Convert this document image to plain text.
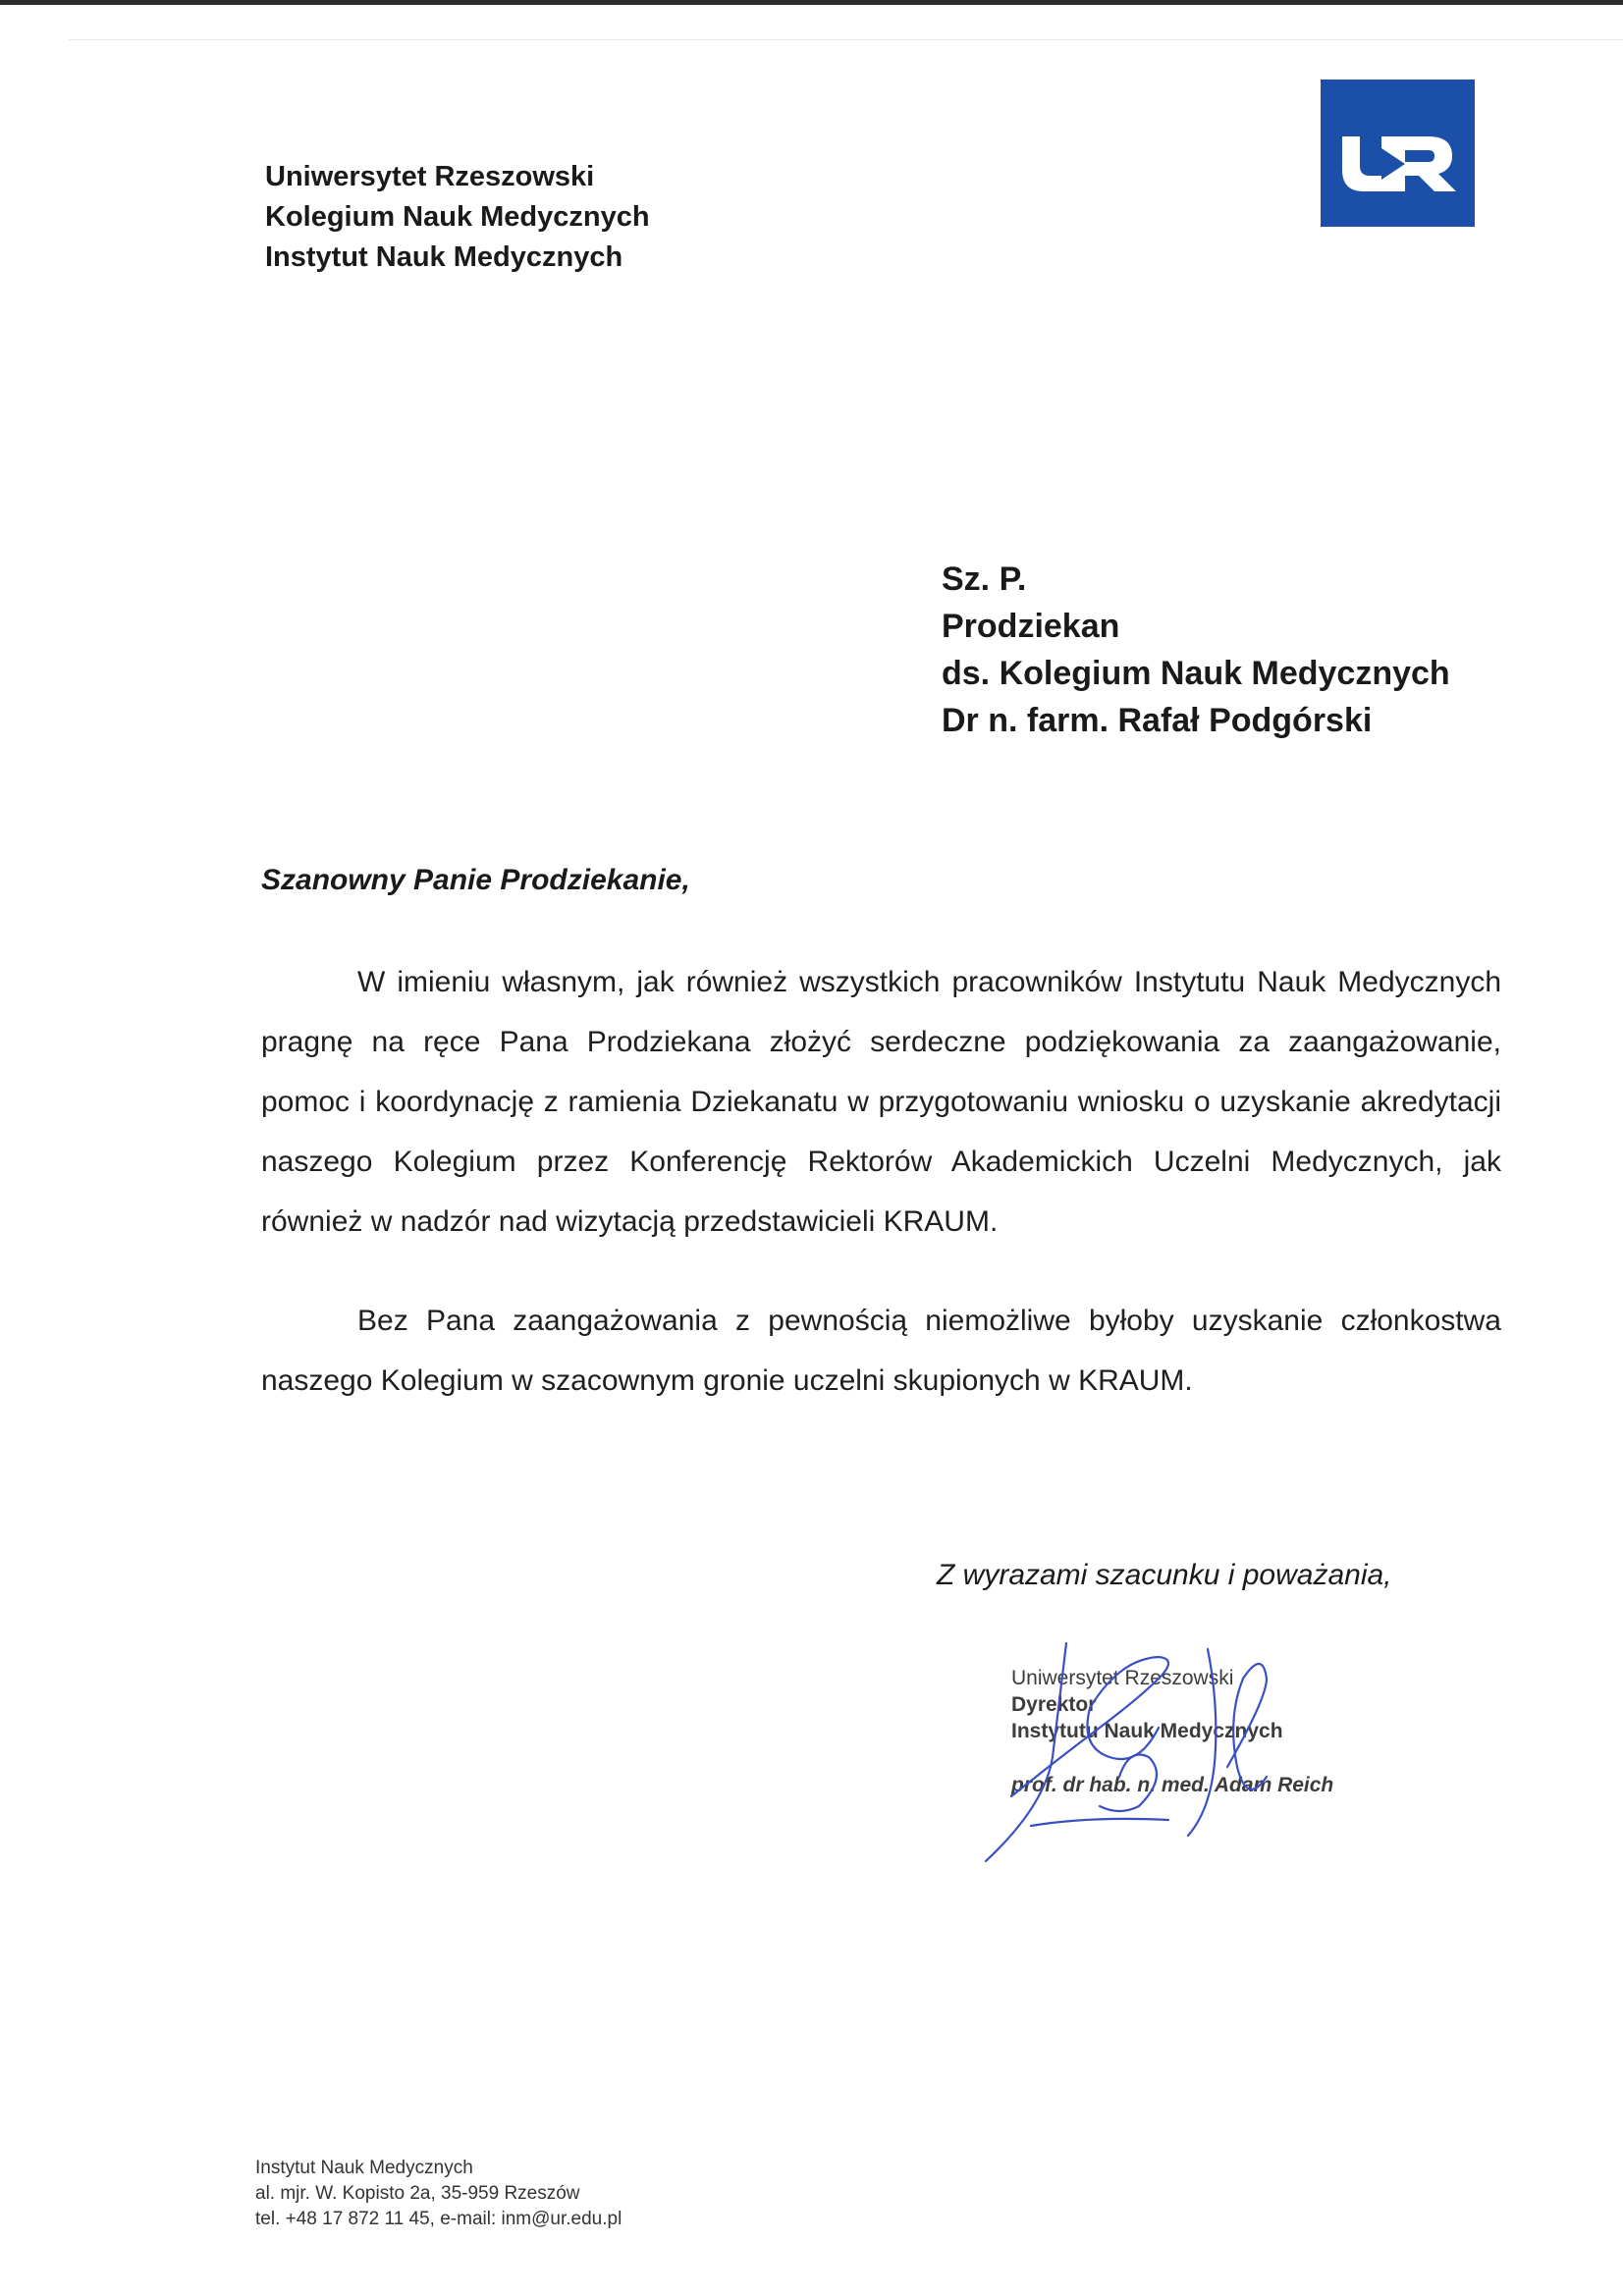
Uniwersytet Rzeszowski
Kolegium Nauk Medycznych
Instytut Nauk Medycznych
Sz. P.
Prodziekan
ds. Kolegium Nauk Medycznych
Dr n. farm. Rafał Podgórski
Szanowny Panie Prodziekanie,
W imieniu własnym, jak również wszystkich pracowników Instytutu Nauk Medycznych pragnę na ręce Pana Prodziekana złożyć serdeczne podziękowania za zaangażowanie, pomoc i koordynację z ramienia Dziekanatu w przygotowaniu wniosku o uzyskanie akredytacji naszego Kolegium przez Konferencję Rektorów Akademickich Uczelni Medycznych, jak również w nadzór nad wizytacją przedstawicieli KRAUM.
Bez Pana zaangażowania z pewnością niemożliwe byłoby uzyskanie członkostwa naszego Kolegium w szacownym gronie uczelni skupionych w KRAUM.
Z wyrazami szacunku i poważania,
Uniwersytet Rzeszowski
Dyrektor
Instytutu Nauk Medycznych
prof. dr hab. n. med. Adam Reich
Instytut Nauk Medycznych
al. mjr. W. Kopisto 2a, 35-959 Rzeszów
tel. +48 17 872 11 45, e-mail: inm@ur.edu.pl
